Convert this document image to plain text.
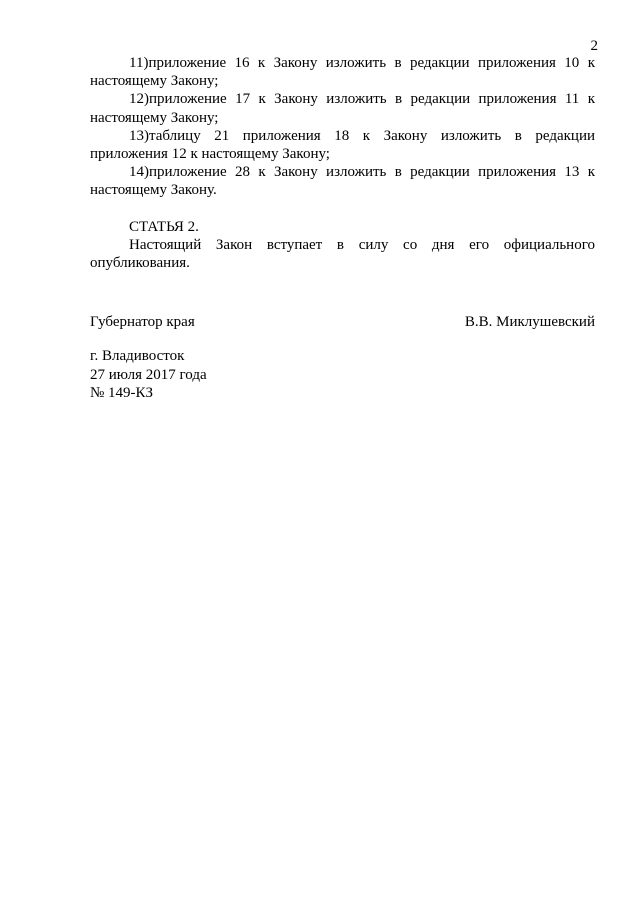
2

11)приложение 16 к Закону изложить в редакции приложения 10 к настоящему Закону;

12)приложение 17 к Закону изложить в редакции приложения 11 к настоящему Закону;

13)таблицу 21 приложения 18 к Закону изложить в редакции приложения 12 к настоящему Закону;

14)приложение 28 к Закону изложить в редакции приложения 13 к настоящему Закону.

СТАТЬЯ 2.

Настоящий Закон вступает в силу со дня его официального опубликования.

Губернатор края	В.В. Миклушевский

г. Владивосток

27 июля 2017 года

№ 149-КЗ
